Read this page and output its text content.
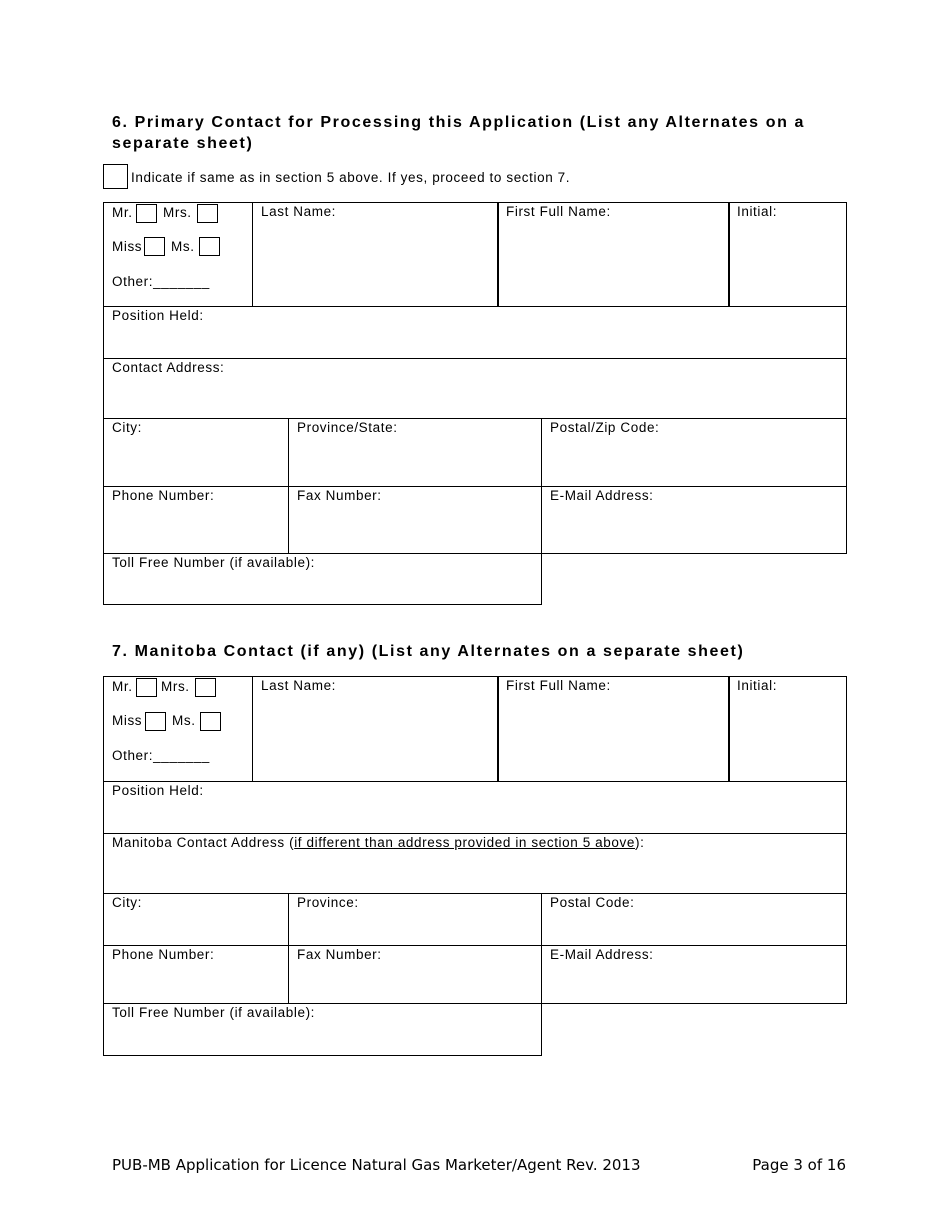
6. Primary Contact for Processing this Application (List any Alternates on a separate sheet)
Indicate if same as in section 5 above. If yes, proceed to section 7.
Mr. Mrs.
Miss Ms.
Other:_______
Last Name:	First Full Name:	Initial:
Position Held:
Contact Address:
City:	Province/State:	Postal/Zip Code:
Phone Number:	Fax Number:	E-Mail Address:
Toll Free Number (if available):
7. Manitoba Contact (if any) (List any Alternates on a separate sheet)
Mr. Mrs.
Miss Ms.
Other:_______
Last Name:	First Full Name:	Initial:
Position Held:
Manitoba Contact Address (if different than address provided in section 5 above):
City:	Province:	Postal Code:
Phone Number:	Fax Number:	E-Mail Address:
Toll Free Number (if available):
PUB-MB Application for Licence Natural Gas Marketer/Agent Rev. 2013	Page 3 of 16
